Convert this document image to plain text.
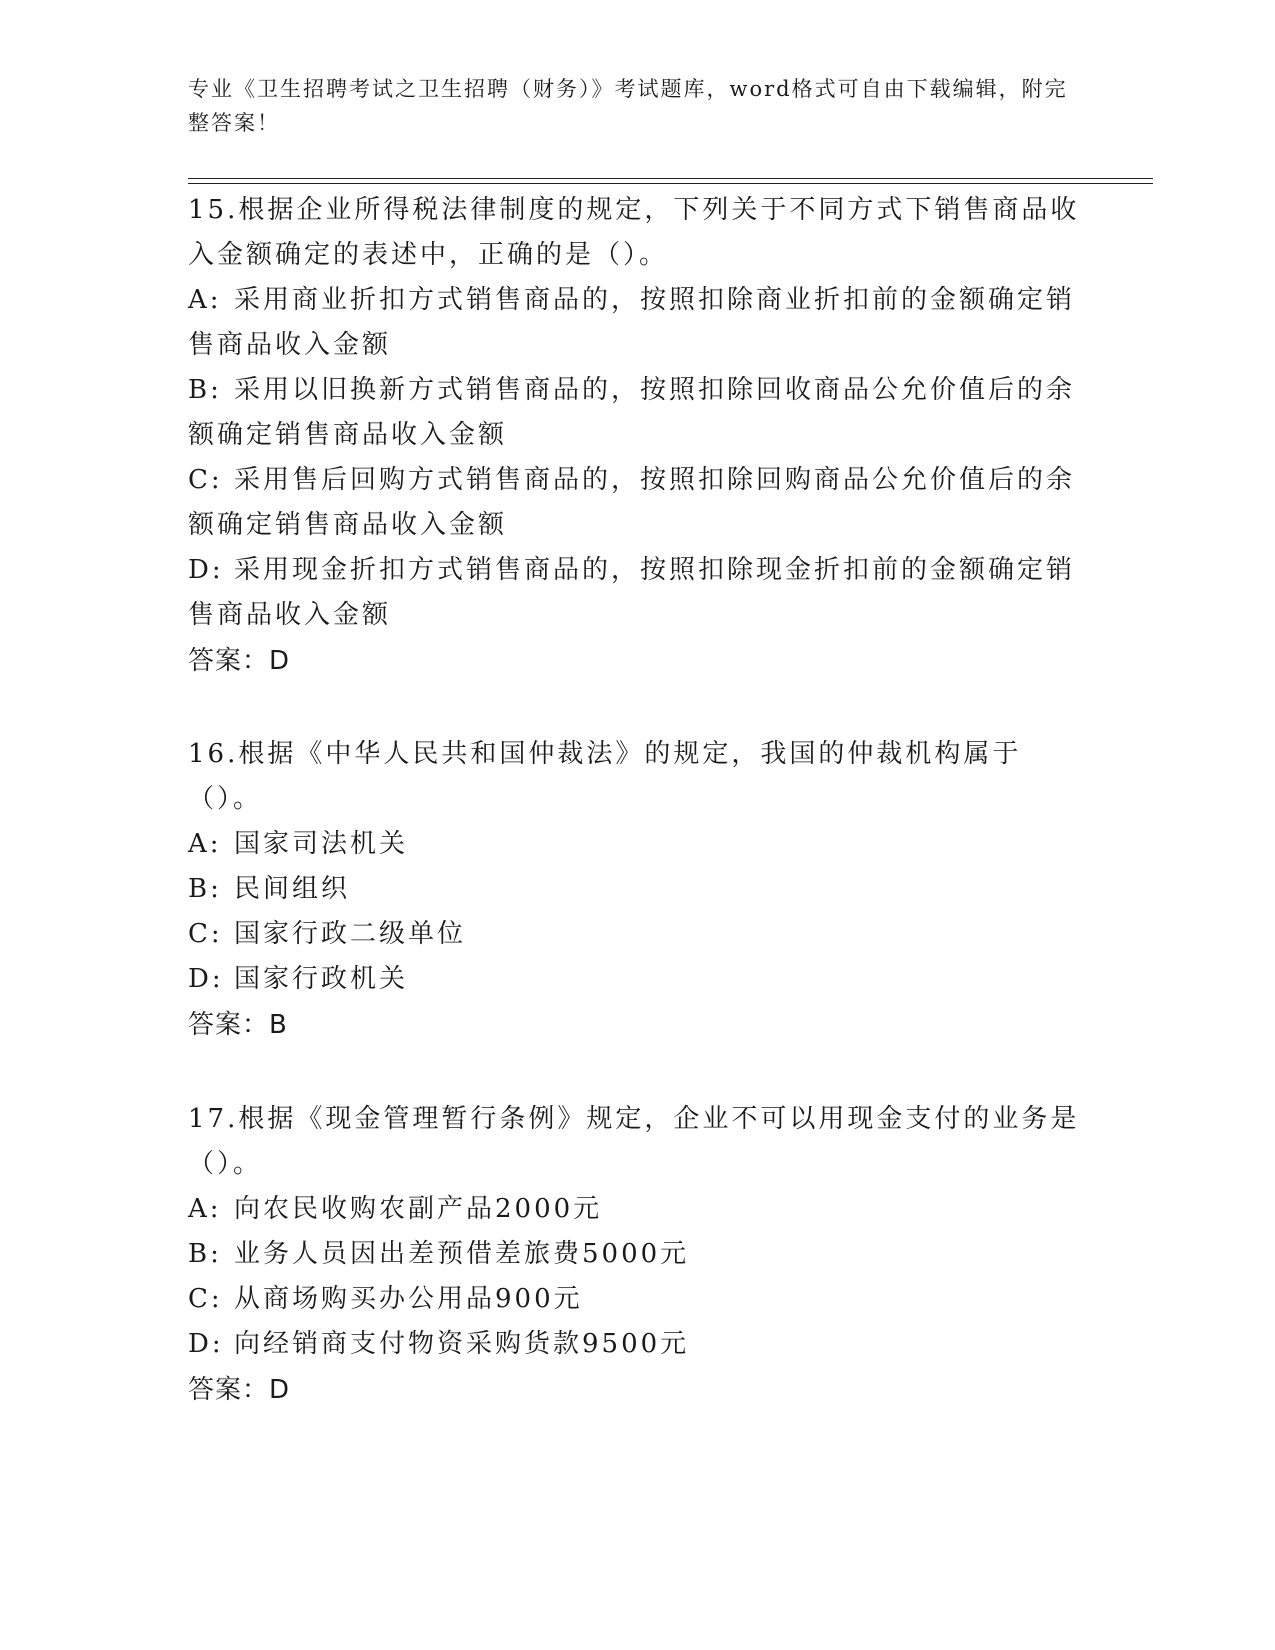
专业《卫生招聘考试之卫生招聘（财务）》考试题库，word格式可自由下载编辑，附完整答案！

15.根据企业所得税法律制度的规定，下列关于不同方式下销售商品收入金额确定的表述中，正确的是（）。

A: 采用商业折扣方式销售商品的，按照扣除商业折扣前的金额确定销售商品收入金额

B: 采用以旧换新方式销售商品的，按照扣除回收商品公允价值后的余额确定销售商品收入金额

C: 采用售后回购方式销售商品的，按照扣除回购商品公允价值后的余额确定销售商品收入金额

D: 采用现金折扣方式销售商品的，按照扣除现金折扣前的金额确定销售商品收入金额

答案：D

16.根据《中华人民共和国仲裁法》的规定，我国的仲裁机构属于（）。

A: 国家司法机关

B: 民间组织

C: 国家行政二级单位

D: 国家行政机关

答案：B

17.根据《现金管理暂行条例》规定，企业不可以用现金支付的业务是（）。

A: 向农民收购农副产品2000元

B: 业务人员因出差预借差旅费5000元

C: 从商场购买办公用品900元

D: 向经销商支付物资采购货款9500元

答案：D
